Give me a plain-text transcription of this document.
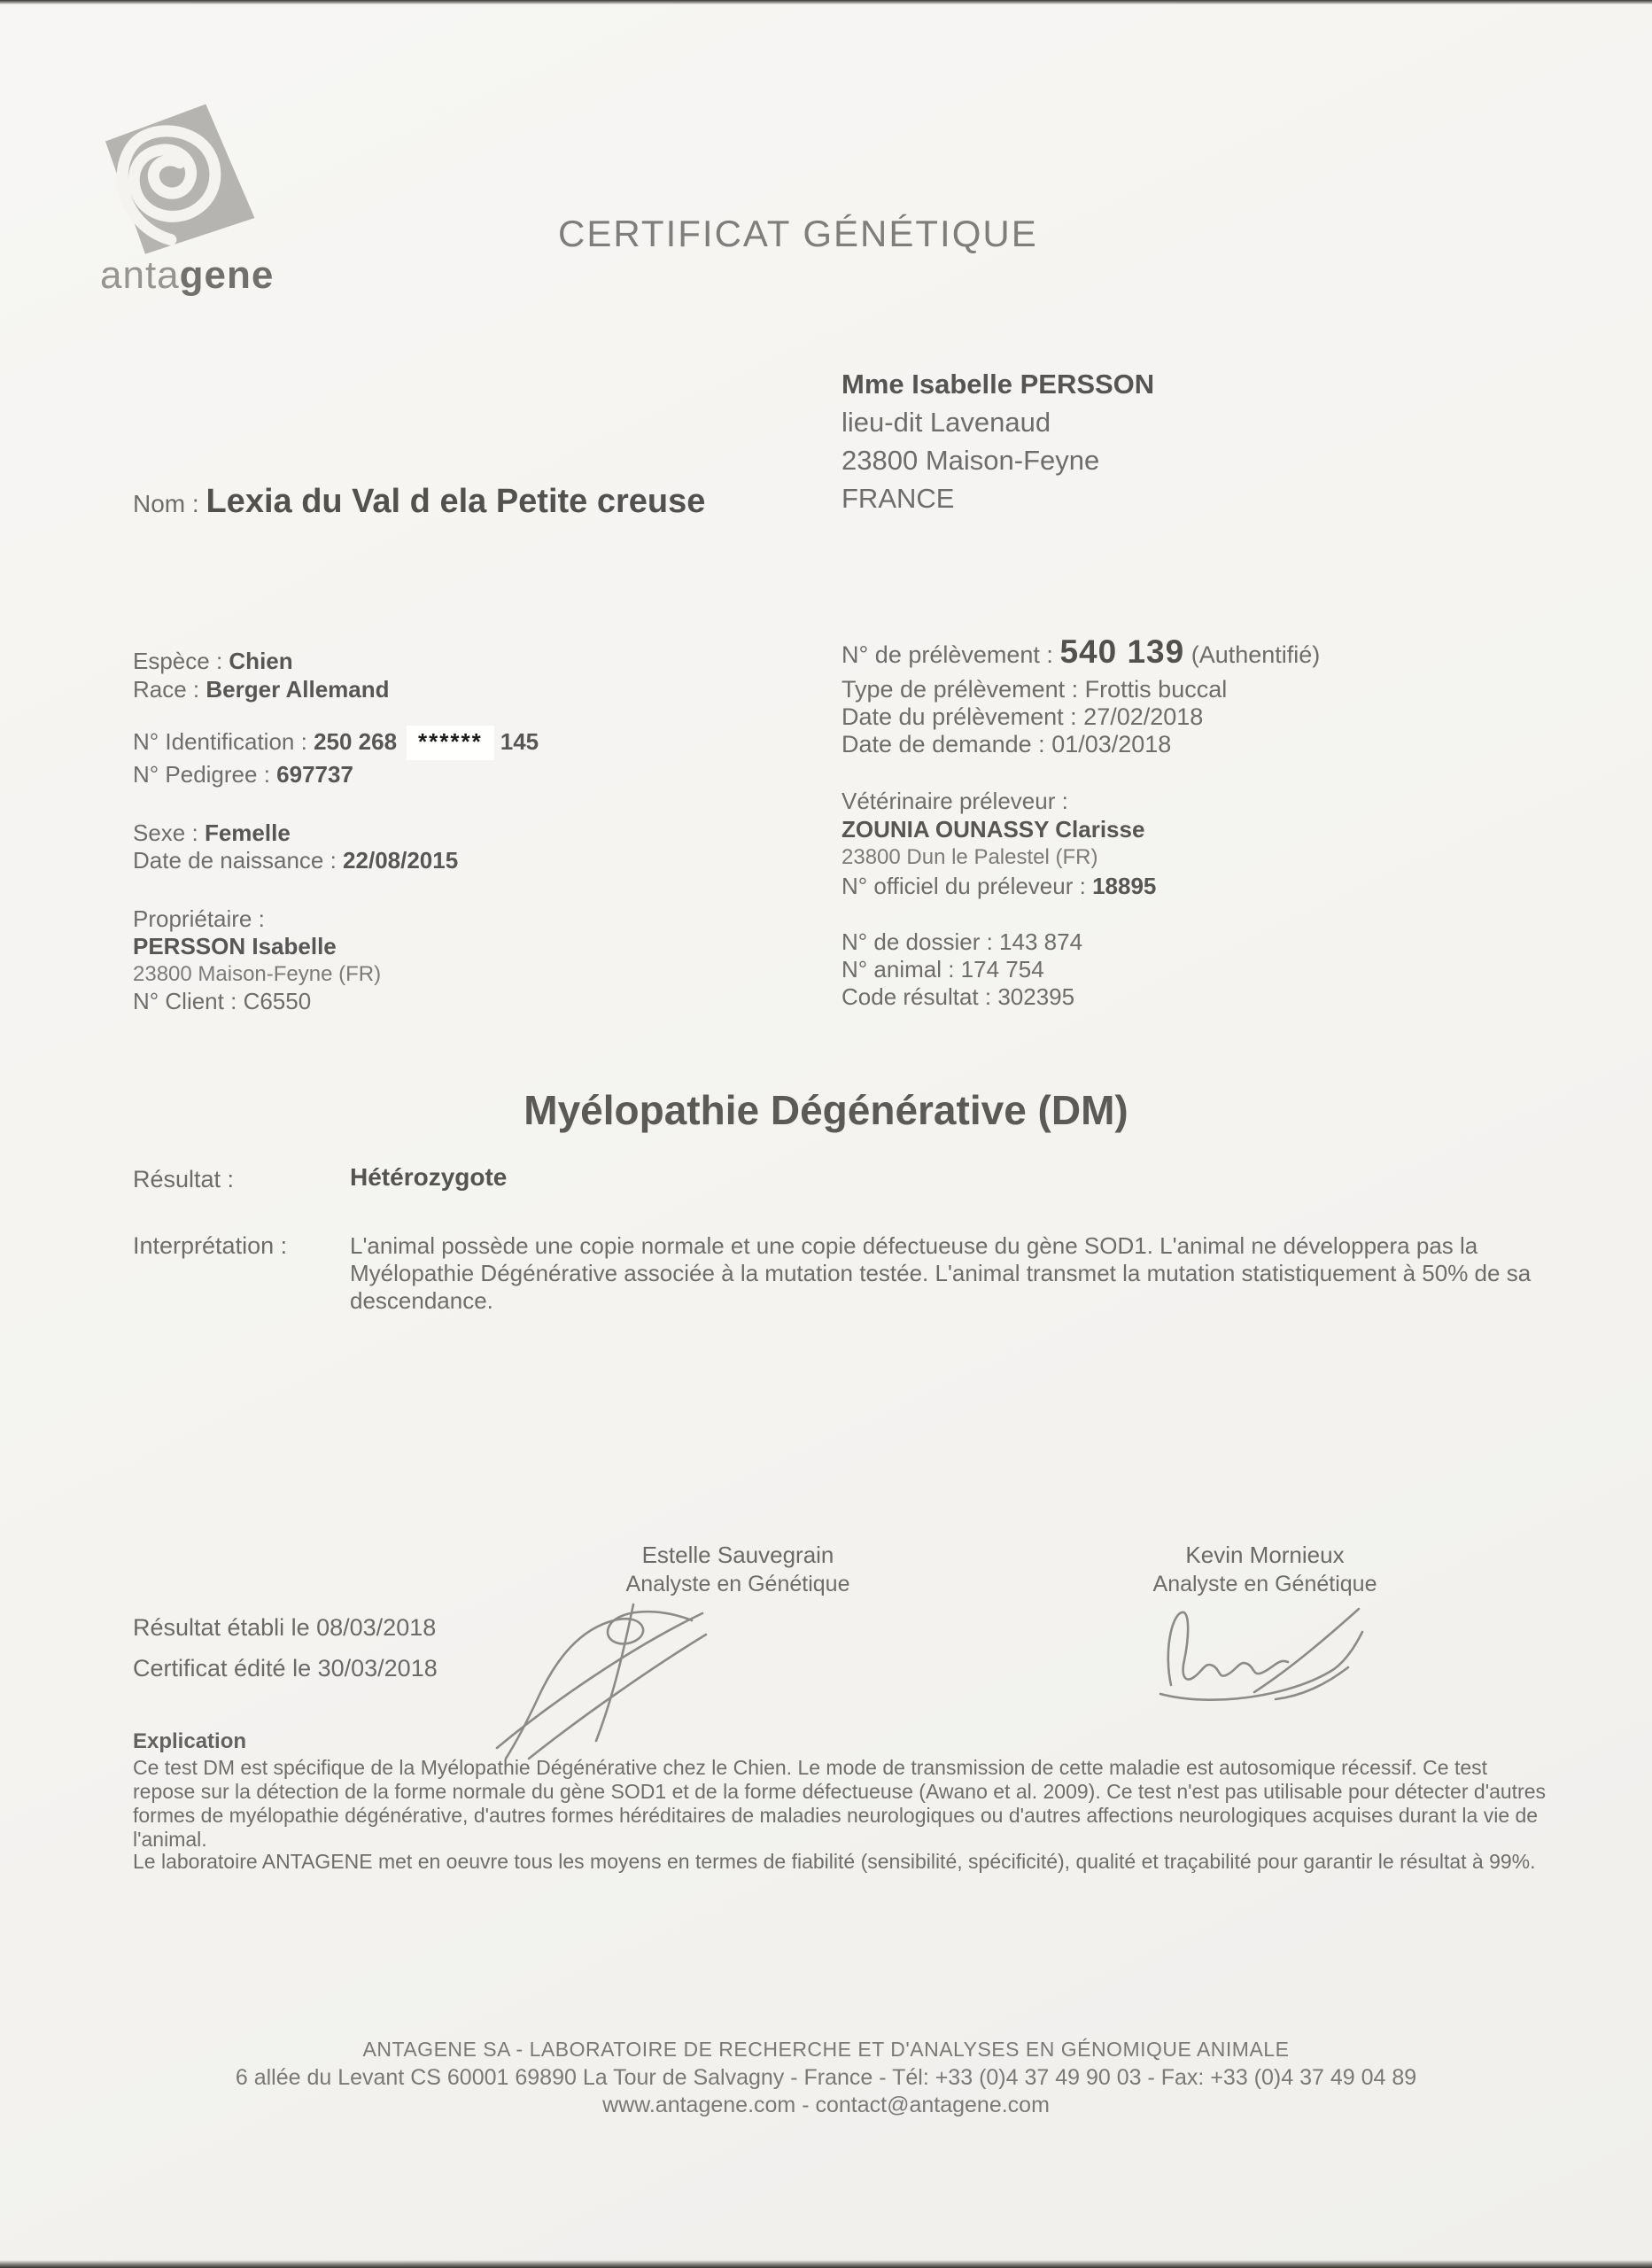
antagene
CERTIFICAT GÉNÉTIQUE
Mme Isabelle PERSSON
lieu-dit Lavenaud
23800 Maison-Feyne
FRANCE
Nom : Lexia du Val d ela Petite creuse
Espèce : Chien
Race : Berger Allemand
N° Identification : 250 268 ****** 145
N° Pedigree : 697737
Sexe : Femelle
Date de naissance : 22/08/2015
Propriétaire :
PERSSON Isabelle
23800 Maison-Feyne (FR)
N° Client : C6550
N° de prélèvement : 540 139 (Authentifié)
Type de prélèvement : Frottis buccal
Date du prélèvement : 27/02/2018
Date de demande : 01/03/2018
Vétérinaire préleveur :
ZOUNIA OUNASSY Clarisse
23800 Dun le Palestel (FR)
N° officiel du préleveur : 18895
N° de dossier : 143 874
N° animal : 174 754
Code résultat : 302395
Myélopathie Dégénérative (DM)
Résultat :	Hétérozygote
Interprétation :	L'animal possède une copie normale et une copie défectueuse du gène SOD1. L'animal ne développera pas la Myélopathie Dégénérative associée à la mutation testée. L'animal transmet la mutation statistiquement à 50% de sa descendance.
Estelle Sauvegrain
Analyste en Génétique
Kevin Mornieux
Analyste en Génétique
Résultat établi le 08/03/2018
Certificat édité le 30/03/2018
Explication
Ce test DM est spécifique de la Myélopathie Dégénérative chez le Chien. Le mode de transmission de cette maladie est autosomique récessif. Ce test repose sur la détection de la forme normale du gène SOD1 et de la forme défectueuse (Awano et al. 2009). Ce test n'est pas utilisable pour détecter d'autres formes de myélopathie dégénérative, d'autres formes héréditaires de maladies neurologiques ou d'autres affections neurologiques acquises durant la vie de l'animal.
Le laboratoire ANTAGENE met en oeuvre tous les moyens en termes de fiabilité (sensibilité, spécificité), qualité et traçabilité pour garantir le résultat à 99%.
ANTAGENE SA - LABORATOIRE DE RECHERCHE ET D'ANALYSES EN GÉNOMIQUE ANIMALE
6 allée du Levant CS 60001 69890 La Tour de Salvagny - France - Tél: +33 (0)4 37 49 90 03 - Fax: +33 (0)4 37 49 04 89
www.antagene.com - contact@antagene.com
